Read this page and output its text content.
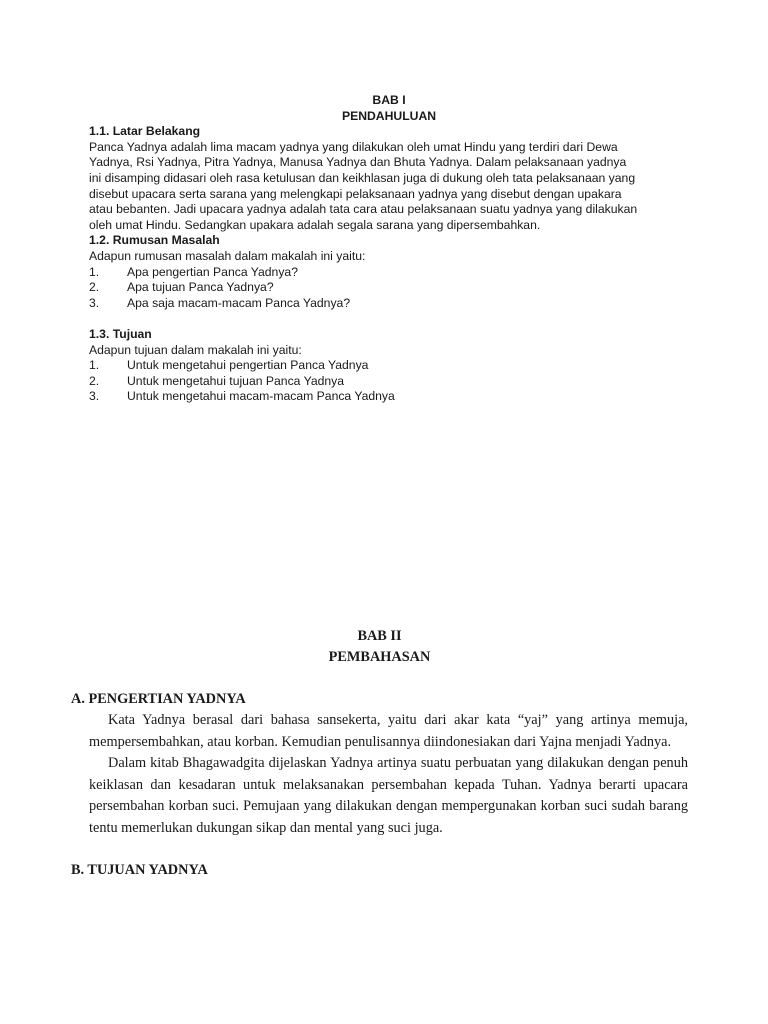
BAB I
PENDAHULUAN
1.1. Latar Belakang

Panca Yadnya adalah lima macam yadnya yang dilakukan oleh umat Hindu yang terdiri dari Dewa

Yadnya, Rsi Yadnya, Pitra Yadnya, Manusa Yadnya dan Bhuta Yadnya. Dalam pelaksanaan yadnya

ini disamping didasari oleh rasa ketulusan dan keikhlasan juga di dukung oleh tata pelaksanaan yang

disebut upacara serta sarana yang melengkapi pelaksanaan yadnya yang disebut dengan upakara

atau bebanten. Jadi upacara yadnya adalah tata cara atau pelaksanaan suatu yadnya yang dilakukan

oleh umat Hindu. Sedangkan upakara adalah segala sarana yang dipersembahkan.

1.2. Rumusan Masalah

Adapun rumusan masalah dalam makalah ini yaitu:

1.	Apa pengertian Panca Yadnya?
2.	Apa tujuan Panca Yadnya?
3.	Apa saja macam-macam Panca Yadnya?
1.3. Tujuan

Adapun tujuan dalam makalah ini yaitu:

1.	Untuk mengetahui pengertian Panca Yadnya
2.	Untuk mengetahui tujuan Panca Yadnya
3.	Untuk mengetahui macam-macam Panca Yadnya
BAB II
PEMBAHASAN
A. PENGERTIAN YADNYA

Kata Yadnya berasal dari bahasa sansekerta, yaitu dari akar kata “yaj” yang artinya memuja, mempersembahkan, atau korban. Kemudian penulisannya diindonesiakan dari Yajna menjadi Yadnya.

Dalam kitab Bhagawadgita dijelaskan Yadnya artinya suatu perbuatan yang dilakukan dengan penuh keiklasan dan kesadaran untuk melaksanakan persembahan kepada Tuhan. Yadnya berarti upacara persembahan korban suci. Pemujaan yang dilakukan dengan mempergunakan korban suci sudah barang tentu memerlukan dukungan sikap dan mental yang suci juga.

B. TUJUAN YADNYA
